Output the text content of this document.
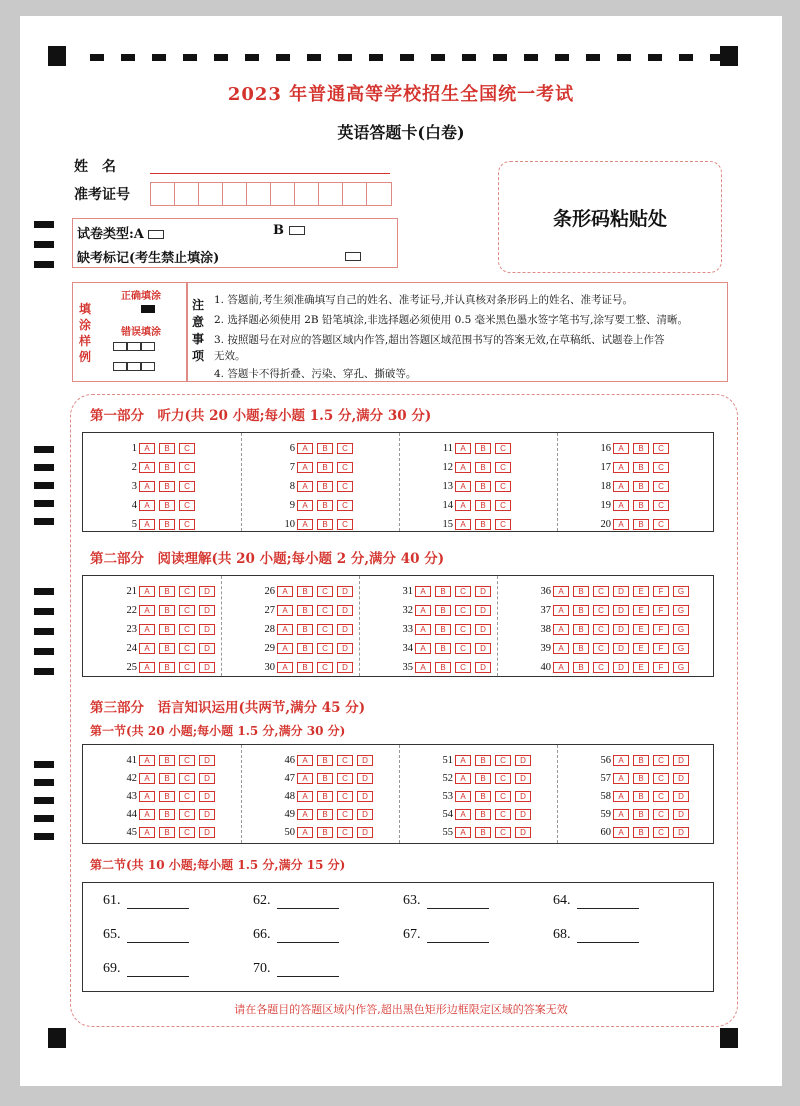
2023 年普通高等学校招生全国统一考试
英语答题卡(白卷)
姓　名
准考证号
试卷类型:A	B
缺考标记(考生禁止填涂)
条形码粘贴处
填涂样例
正确填涂
错误填涂
注意事项
1. 答题前,考生须准确填写自己的姓名、准考证号,并认真核对条形码上的姓名、准考证号。
2. 选择题必须使用 2B 铅笔填涂,非选择题必须使用 0.5 毫米黑色墨水签字笔书写,涂写要工整、清晰。
3. 按照题号在对应的答题区域内作答,超出答题区域范围书写的答案无效,在草稿纸、试题卷上作答
无效。
4. 答题卡不得折叠、污染、穿孔、撕破等。
第一部分　听力(共 20 小题;每小题 1.5 分,满分 30 分)
1 A	B	C
2 A	B	C
3 A	B	C
4 A	B	C
5 A	B	C
6 A	B	C
7 A	B	C
8 A	B	C
9 A	B	C
10 A	B	C
11 A	B	C
12 A	B	C
13 A	B	C
14 A	B	C
15 A	B	C
16 A	B	C
17 A	B	C
18 A	B	C
19 A	B	C
20 A	B	C
第二部分　阅读理解(共 20 小题;每小题 2 分,满分 40 分)
21 A	B	C	D
22 A	B	C	D
23 A	B	C	D
24 A	B	C	D
25 A	B	C	D
26 A	B	C	D
27 A	B	C	D
28 A	B	C	D
29 A	B	C	D
30 A	B	C	D
31 A	B	C	D
32 A	B	C	D
33 A	B	C	D
34 A	B	C	D
35 A	B	C	D
36 A	B	C	D	E	F	G
37 A	B	C	D	E	F	G
38 A	B	C	D	E	F	G
39 A	B	C	D	E	F	G
40 A	B	C	D	E	F	G
第三部分　语言知识运用(共两节,满分 45 分)
第一节(共 20 小题;每小题 1.5 分,满分 30 分)
41 A	B	C	D
42 A	B	C	D
43 A	B	C	D
44 A	B	C	D
45 A	B	C	D
46 A	B	C	D
47 A	B	C	D
48 A	B	C	D
49 A	B	C	D
50 A	B	C	D
51 A	B	C	D
52 A	B	C	D
53 A	B	C	D
54 A	B	C	D
55 A	B	C	D
56 A	B	C	D
57 A	B	C	D
58 A	B	C	D
59 A	B	C	D
60 A	B	C	D
第二节(共 10 小题;每小题 1.5 分,满分 15 分)
61.	62.	63.	64.
65.	66.	67.	68.
69.	70.
请在各题目的答题区域内作答,超出黑色矩形边框限定区域的答案无效
